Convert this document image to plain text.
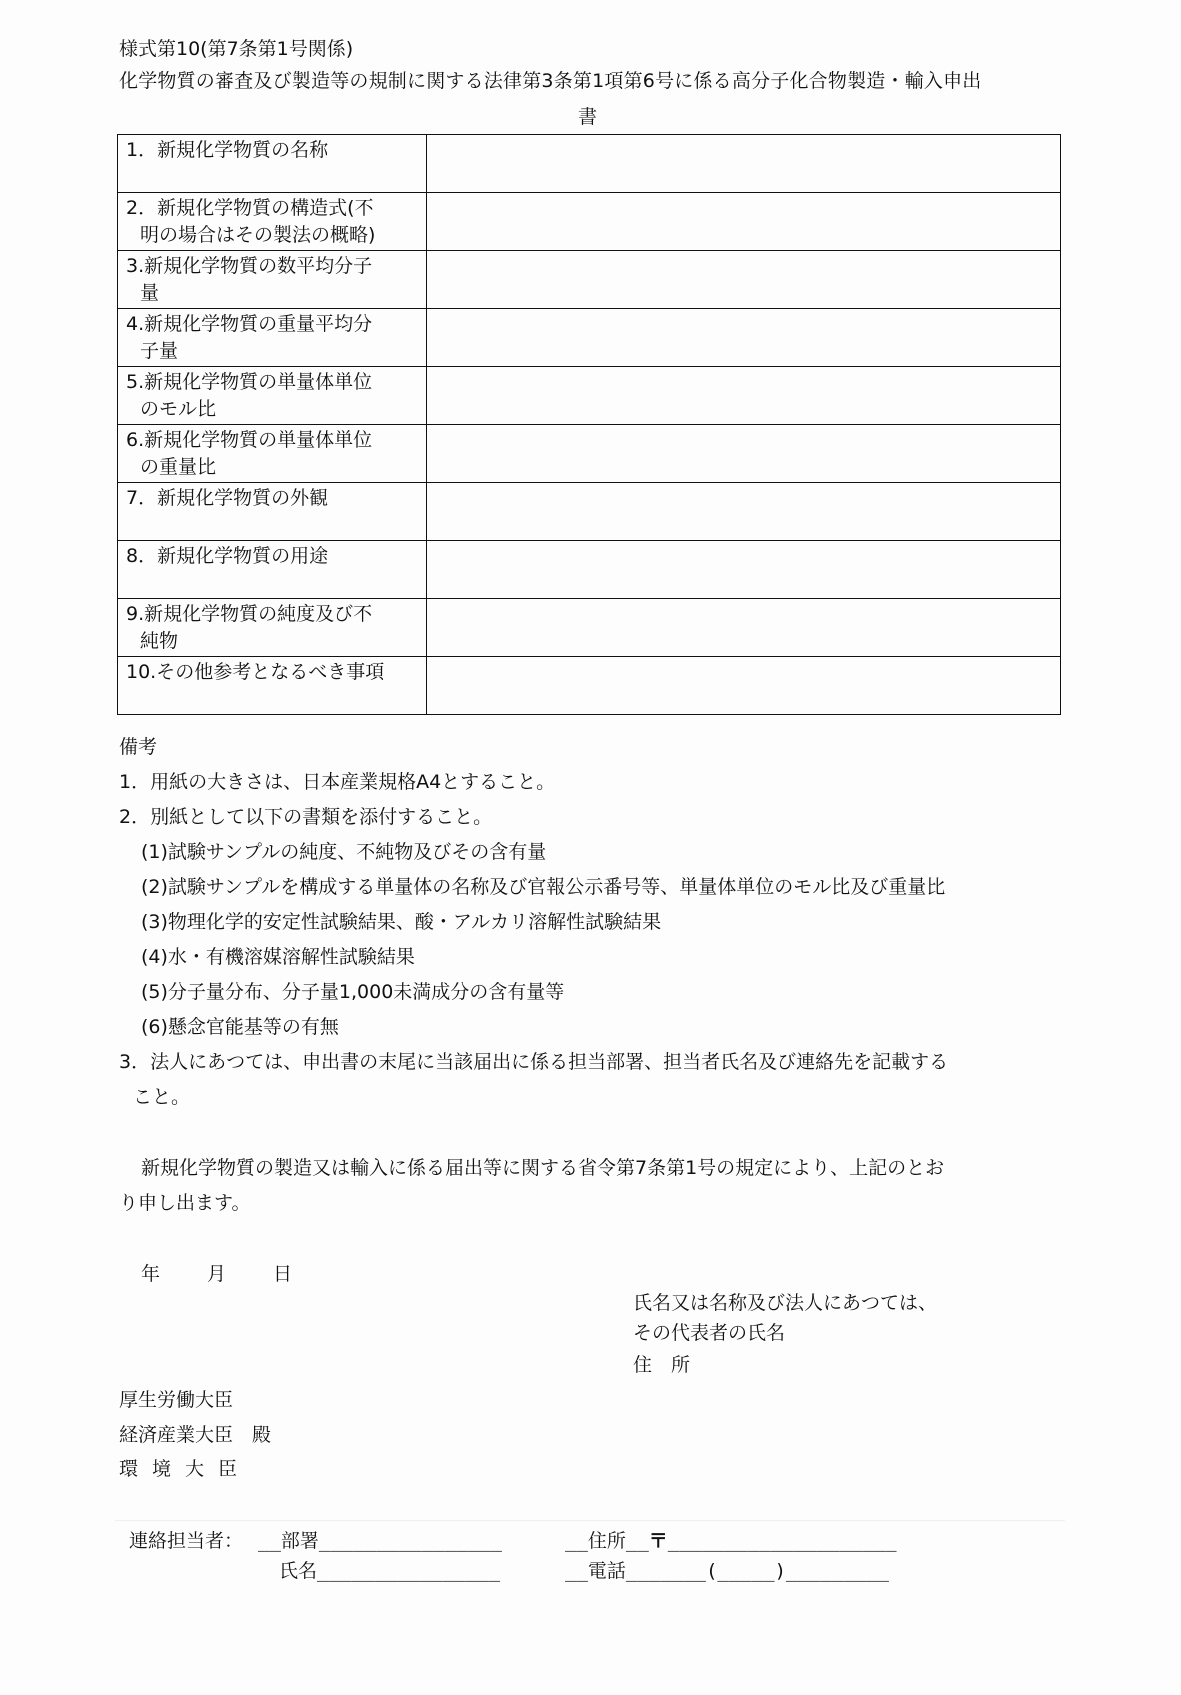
様式第10(第7条第1号関係)
化学物質の審査及び製造等の規制に関する法律第3条第1項第6号に係る高分子化合物製造・輸入申出
書
1．新規化学物質の名称	
2．新規化学物質の構造式(不
明の場合はその製法の概略)	

3.新規化学物質の数平均分子
量	

4.新規化学物質の重量平均分
子量	

5.新規化学物質の単量体単位
のモル比	

6.新規化学物質の単量体単位
の重量比	

7．新規化学物質の外観	
8．新規化学物質の用途	
9.新規化学物質の純度及び不
純物	

10.その他参考となるべき事項	
備考
1．用紙の大きさは、日本産業規格A4とすること。
2．別紙として以下の書類を添付すること。
(1)試験サンプルの純度、不純物及びその含有量
(2)試験サンプルを構成する単量体の名称及び官報公示番号等、単量体単位のモル比及び重量比
(3)物理化学的安定性試験結果、酸・アルカリ溶解性試験結果
(4)水・有機溶媒溶解性試験結果
(5)分子量分布、分子量1,000未満成分の含有量等
(6)懸念官能基等の有無
3．法人にあつては、申出書の末尾に当該届出に係る担当部署、担当者氏名及び連絡先を記載する
こと。
新規化学物質の製造又は輸入に係る届出等に関する省令第7条第1号の規定により、上記のとお
り申し出ます。
年 月 日
氏名又は名称及び法人にあつては、
その代表者の氏名
住　所
厚生労働大臣
経済産業大臣　殿
環境大臣
連絡担当者： __部署________________
氏名________________
__住所__〒____________________
__電話_______(_____)_________
